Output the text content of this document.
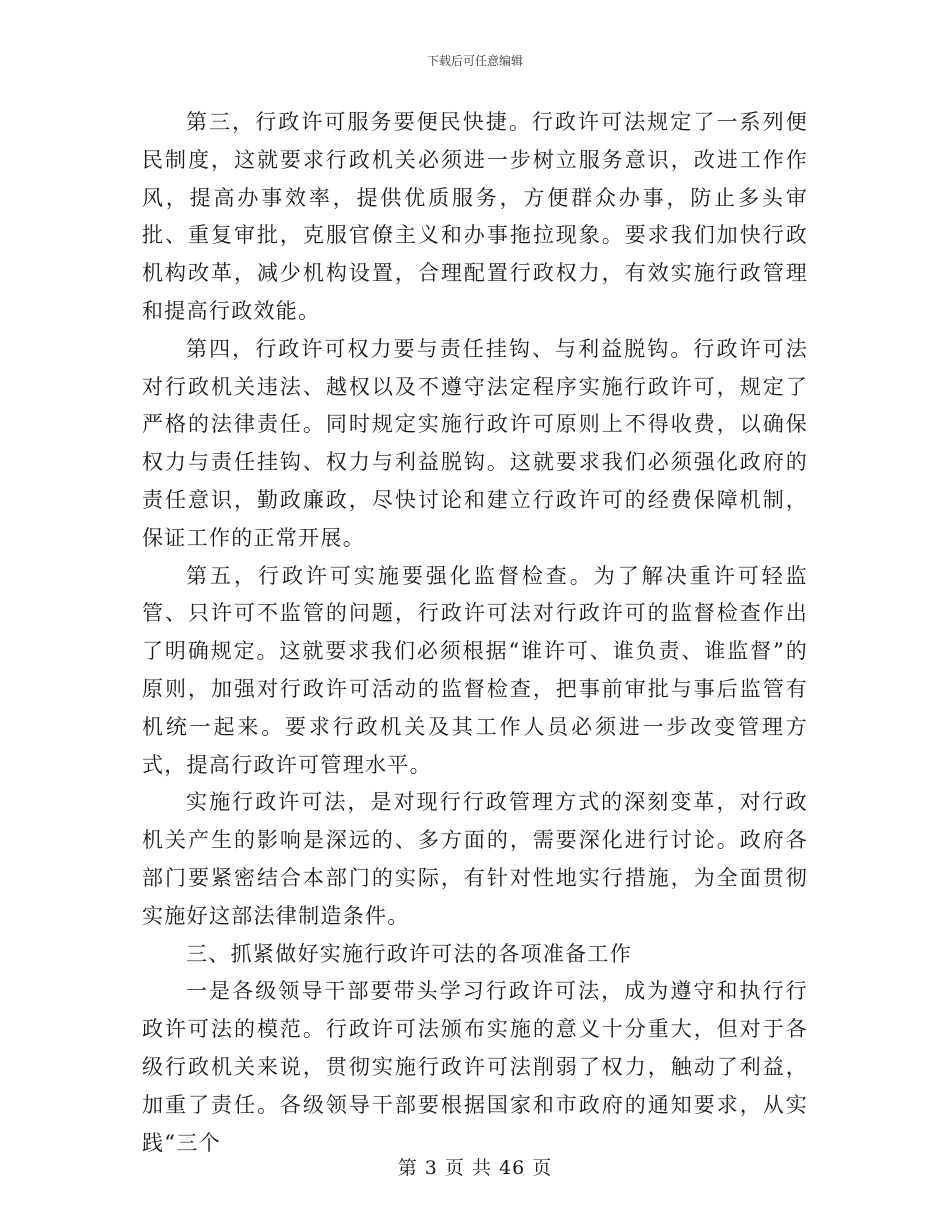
下载后可任意编辑

第三，行政许可服务要便民快捷。行政许可法规定了一系列便民制度，这就要求行政机关必须进一步树立服务意识，改进工作作风，提高办事效率，提供优质服务，方便群众办事，防止多头审批、重复审批，克服官僚主义和办事拖拉现象。要求我们加快行政机构改革，减少机构设置，合理配置行政权力，有效实施行政管理和提高行政效能。

第四，行政许可权力要与责任挂钩、与利益脱钩。行政许可法对行政机关违法、越权以及不遵守法定程序实施行政许可，规定了严格的法律责任。同时规定实施行政许可原则上不得收费，以确保权力与责任挂钩、权力与利益脱钩。这就要求我们必须强化政府的责任意识，勤政廉政，尽快讨论和建立行政许可的经费保障机制，保证工作的正常开展。

第五，行政许可实施要强化监督检查。为了解决重许可轻监管、只许可不监管的问题，行政许可法对行政许可的监督检查作出了明确规定。这就要求我们必须根据“谁许可、谁负责、谁监督”的原则，加强对行政许可活动的监督检查，把事前审批与事后监管有机统一起来。要求行政机关及其工作人员必须进一步改变管理方式，提高行政许可管理水平。

实施行政许可法，是对现行行政管理方式的深刻变革，对行政机关产生的影响是深远的、多方面的，需要深化进行讨论。政府各部门要紧密结合本部门的实际，有针对性地实行措施，为全面贯彻实施好这部法律制造条件。

三、抓紧做好实施行政许可法的各项准备工作

一是各级领导干部要带头学习行政许可法，成为遵守和执行行政许可法的模范。行政许可法颁布实施的意义十分重大，但对于各级行政机关来说，贯彻实施行政许可法削弱了权力，触动了利益，加重了责任。各级领导干部要根据国家和市政府的通知要求，从实践“三个

第 3 页 共 46 页
